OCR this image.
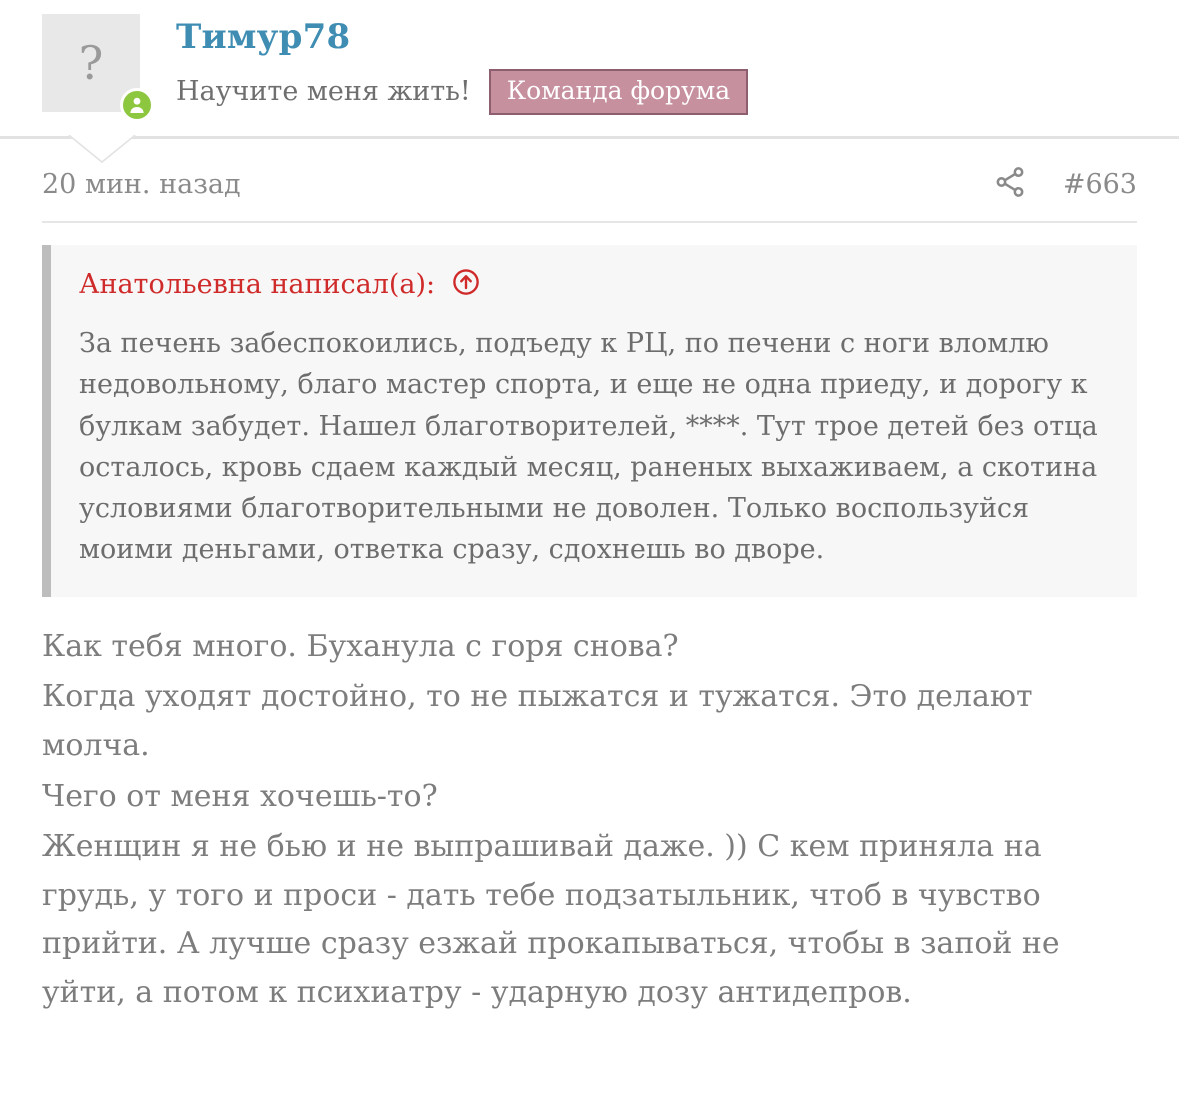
?	Тимур78
Научите меня жить!	Команда форума
20 мин. назад	#663
Анатольевна написал(а):
За печень забеспокоились, подъеду к РЦ, по печени с ноги вломлю недовольному, благо мастер спорта, и еще не одна приеду, и дорогу к булкам забудет. Нашел благотворителей, ****. Тут трое детей без отца осталось, кровь сдаем каждый месяц, раненых выхаживаем, а скотина условиями благотворительными не доволен. Только воспользуйся моими деньгами, ответка сразу, сдохнешь во дворе.

Как тебя много. Буханула с горя снова?

Когда уходят достойно, то не пыжатся и тужатся. Это делают молча.

Чего от меня хочешь-то?

Женщин я не бью и не выпрашивай даже. )) С кем приняла на грудь, у того и проси - дать тебе подзатыльник, чтоб в чувство прийти. А лучше сразу езжай прокапываться, чтобы в запой не уйти, а потом к психиатру - ударную дозу антидепров.
